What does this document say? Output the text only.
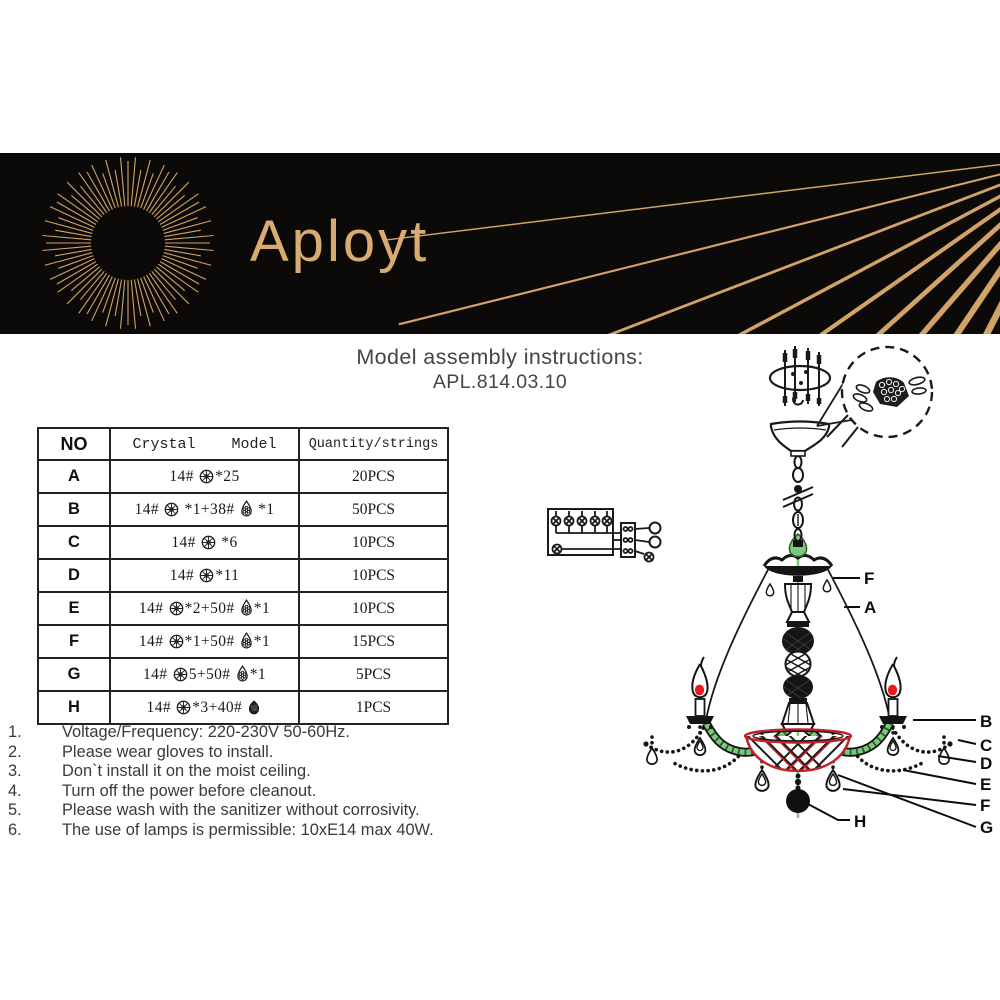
Aployt
Model assembly instructions:
APL.814.03.10
NO	Crystal    Model	Quantity/strings
A	14# *25	20PCS
B	14#  *1+38#  *1	50PCS
C	14#  *6	10PCS
D	14# *11	10PCS
E	14# *2+50# *1	10PCS
F	14# *1+50# *1	15PCS
G	14# 5+50# *1	5PCS
H	14# *3+40#	1PCS
1.	Voltage/Frequency: 220-230V 50-60Hz.
2.	Please wear gloves to install.
3.	Don`t install it on the moist ceiling.
4.	Turn off the power before cleanout.
5.	Please wash with the sanitizer without corrosivity.
6.	The use of lamps is permissible: 10xE14 max 40W.
F
A
B
C
D
E
F
G
H
